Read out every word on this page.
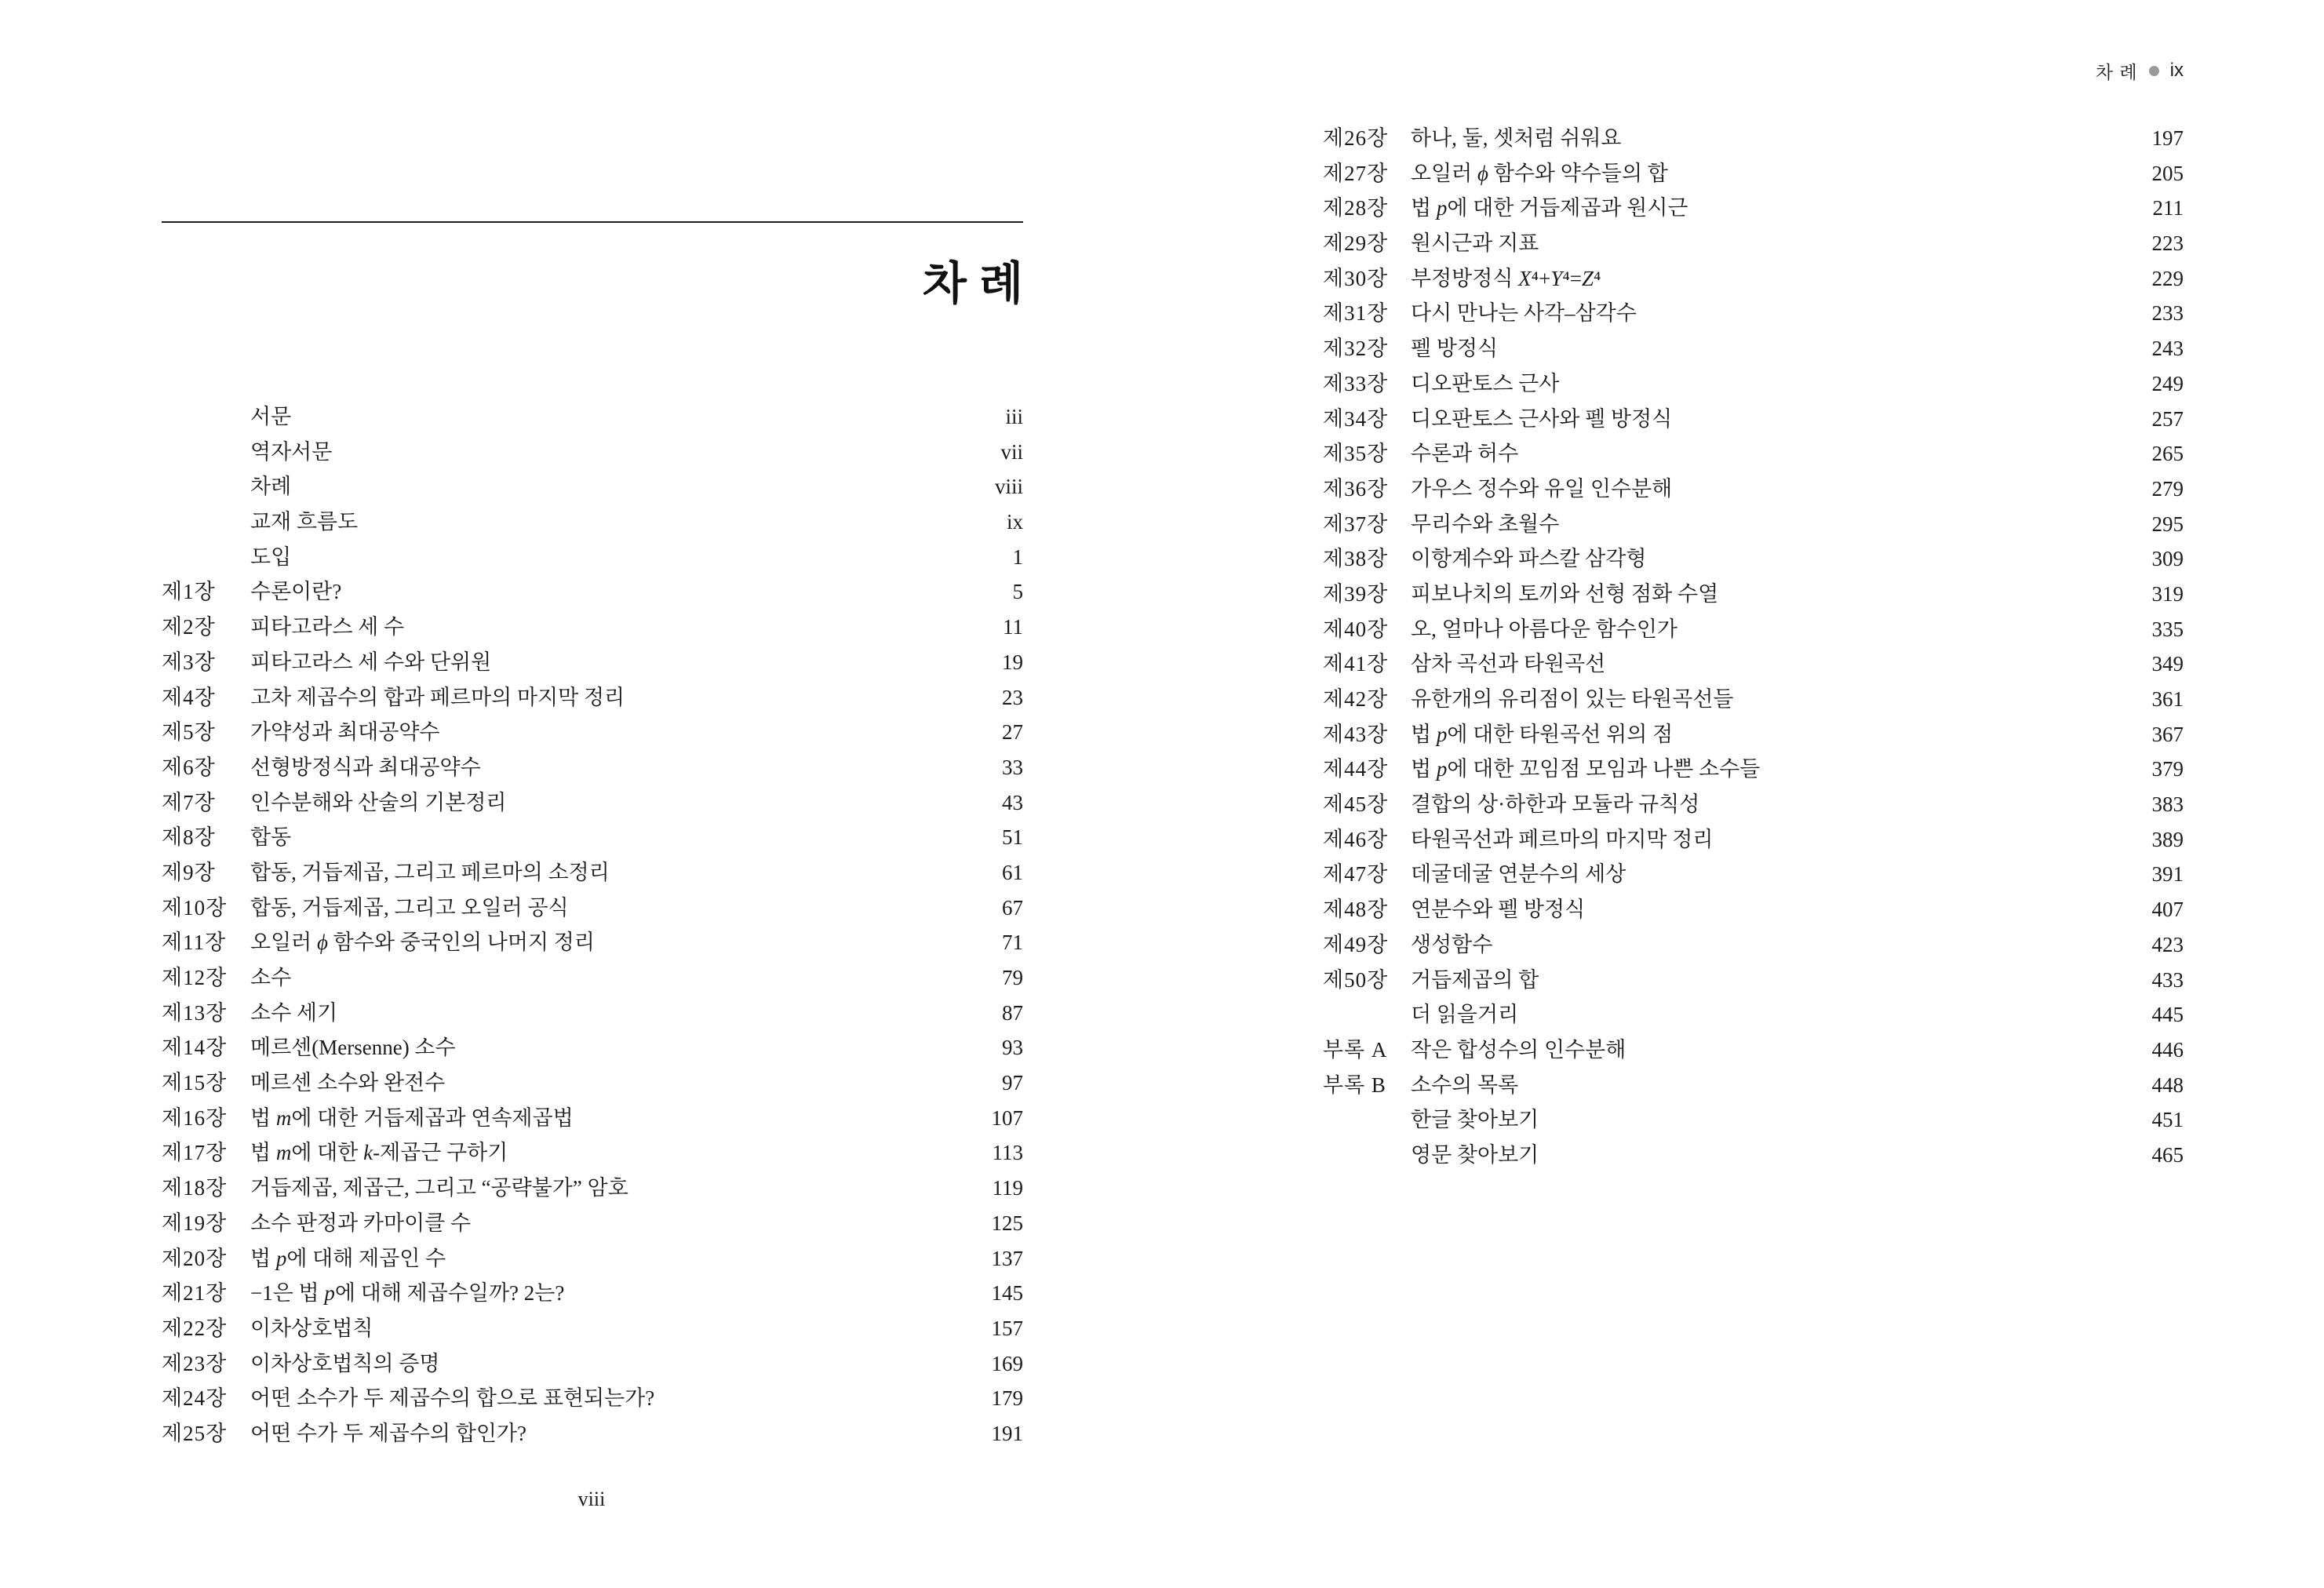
차 례
서문	iii
역자서문	vii
차례	viii
교재 흐름도	ix
도입	1
제1장 수론이란?	5
제2장 피타고라스 세 수	11
제3장 피타고라스 세 수와 단위원	19
제4장 고차 제곱수의 합과 페르마의 마지막 정리	23
제5장 가약성과 최대공약수	27
제6장 선형방정식과 최대공약수	33
제7장 인수분해와 산술의 기본정리	43
제8장 합동	51
제9장 합동, 거듭제곱, 그리고 페르마의 소정리	61
제10장 합동, 거듭제곱, 그리고 오일러 공식	67
제11장 오일러 ϕ 함수와 중국인의 나머지 정리	71
제12장 소수	79
제13장 소수 세기	87
제14장 메르센(Mersenne) 소수	93
제15장 메르센 소수와 완전수	97
제16장 법 m에 대한 거듭제곱과 연속제곱법	107
제17장 법 m에 대한 k-제곱근 구하기	113
제18장 거듭제곱, 제곱근, 그리고 “공략불가” 암호	119
제19장 소수 판정과 카마이클 수	125
제20장 법 p에 대해 제곱인 수	137
제21장 −1은 법 p에 대해 제곱수일까? 2는?	145
제22장 이차상호법칙	157
제23장 이차상호법칙의 증명	169
제24장 어떤 소수가 두 제곱수의 합으로 표현되는가?	179
제25장 어떤 수가 두 제곱수의 합인가?	191
viii
차 례 ix
제26장 하나, 둘, 셋처럼 쉬워요	197
제27장 오일러 ϕ 함수와 약수들의 합	205
제28장 법 p에 대한 거듭제곱과 원시근	211
제29장 원시근과 지표	223
제30장 부정방정식 X⁴+Y⁴=Z⁴	229
제31장 다시 만나는 사각–삼각수	233
제32장 펠 방정식	243
제33장 디오판토스 근사	249
제34장 디오판토스 근사와 펠 방정식	257
제35장 수론과 허수	265
제36장 가우스 정수와 유일 인수분해	279
제37장 무리수와 초월수	295
제38장 이항계수와 파스칼 삼각형	309
제39장 피보나치의 토끼와 선형 점화 수열	319
제40장 오, 얼마나 아름다운 함수인가	335
제41장 삼차 곡선과 타원곡선	349
제42장 유한개의 유리점이 있는 타원곡선들	361
제43장 법 p에 대한 타원곡선 위의 점	367
제44장 법 p에 대한 꼬임점 모임과 나쁜 소수들	379
제45장 결합의 상·하한과 모듈라 규칙성	383
제46장 타원곡선과 페르마의 마지막 정리	389
제47장 데굴데굴 연분수의 세상	391
제48장 연분수와 펠 방정식	407
제49장 생성함수	423
제50장 거듭제곱의 합	433
더 읽을거리	445
부록 A 작은 합성수의 인수분해	446
부록 B 소수의 목록	448
한글 찾아보기	451
영문 찾아보기	465
